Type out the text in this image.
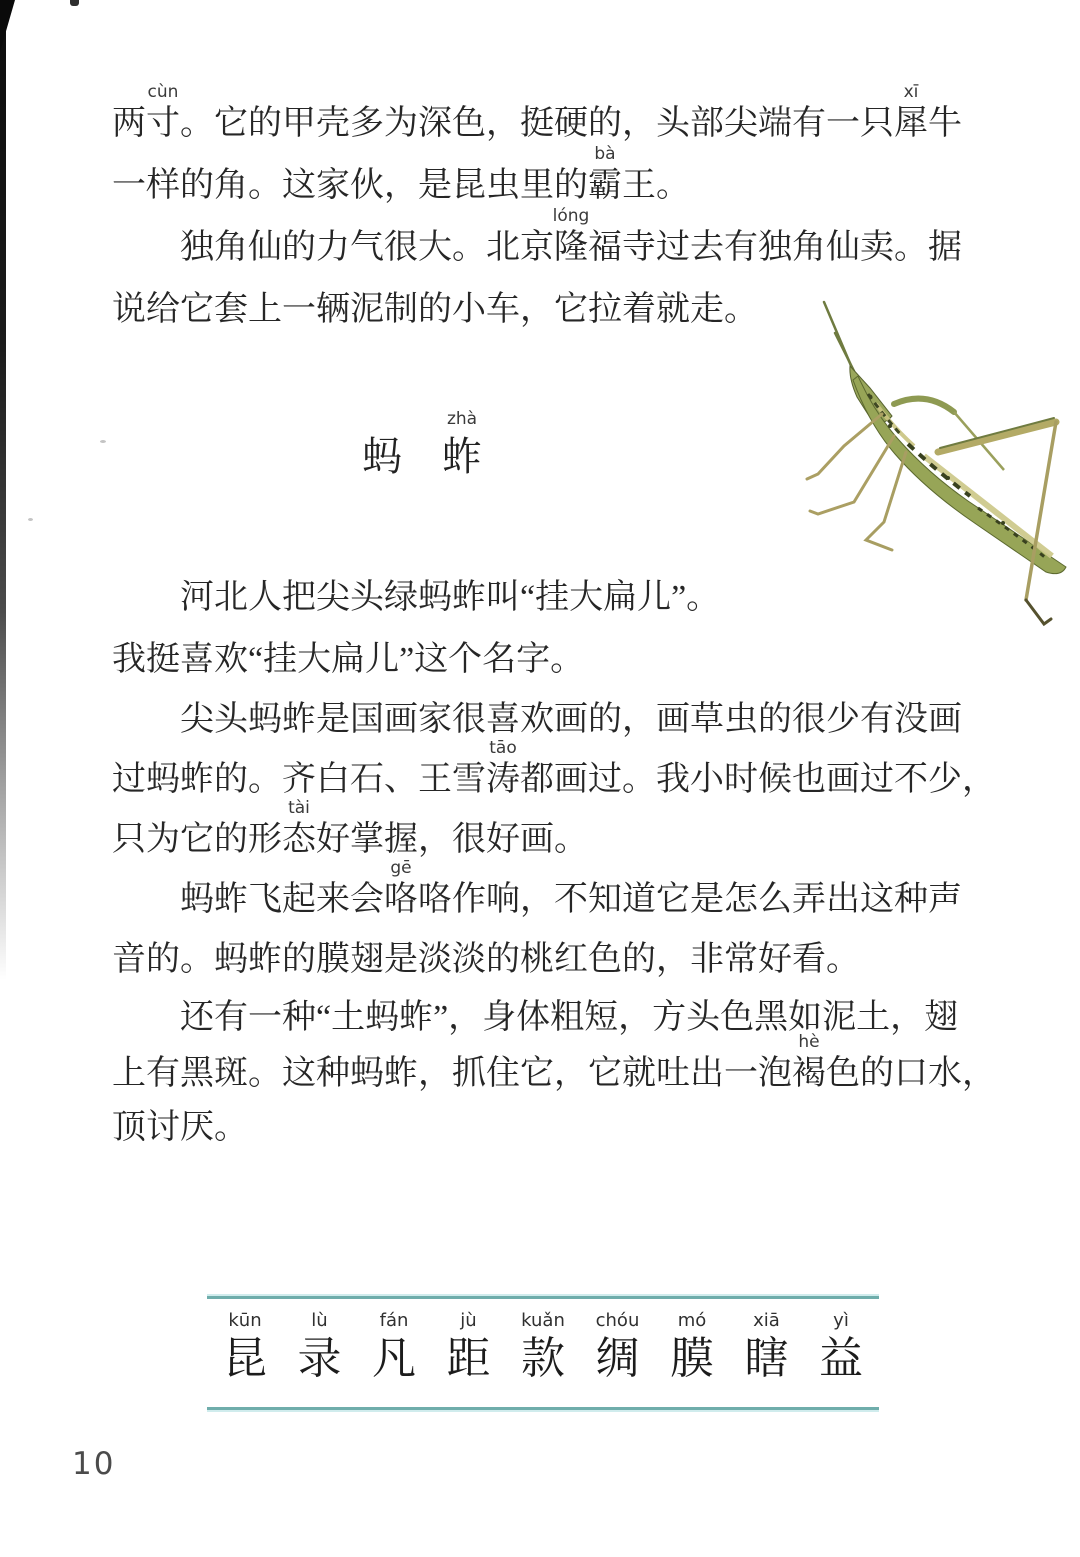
两寸
cùn
。它的甲壳多为深色，挺硬的，头部尖端有一只犀
xī
牛
一样的角。这家伙，是昆虫里的霸
bà
王。
独角仙的力气很大。北京隆
lóng
福寺过去有独角仙卖。据
说给它套上一辆泥制的小车，它拉着就走。
河北人把尖头绿蚂蚱叫“挂大扁儿”。
我挺喜欢“挂大扁儿”这个名字。
尖头蚂蚱是国画家很喜欢画的，画草虫的很少有没画
过蚂蚱的。齐白石、王雪涛
tāo
都画过。我小时候也画过不少，
只为它的形态
tài
好掌握，很好画。
蚂蚱飞起来会咯
gē
咯作响，不知道它是怎么弄出这种声
音的。蚂蚱的膜翅是淡淡的桃红色的，非常好看。
还有一种“土蚂蚱”，身体粗短，方头色黑如泥土，翅
上有黑斑。这种蚂蚱，抓住它，它就吐出一泡褐
hè
色的口水，
顶讨厌。
蚂　 蚱
zhà
kūn
昆
lù
录
fán
凡
jù
距
kuǎn
款
chóu
绸
mó
膜
xiā
瞎
yì
益
10
